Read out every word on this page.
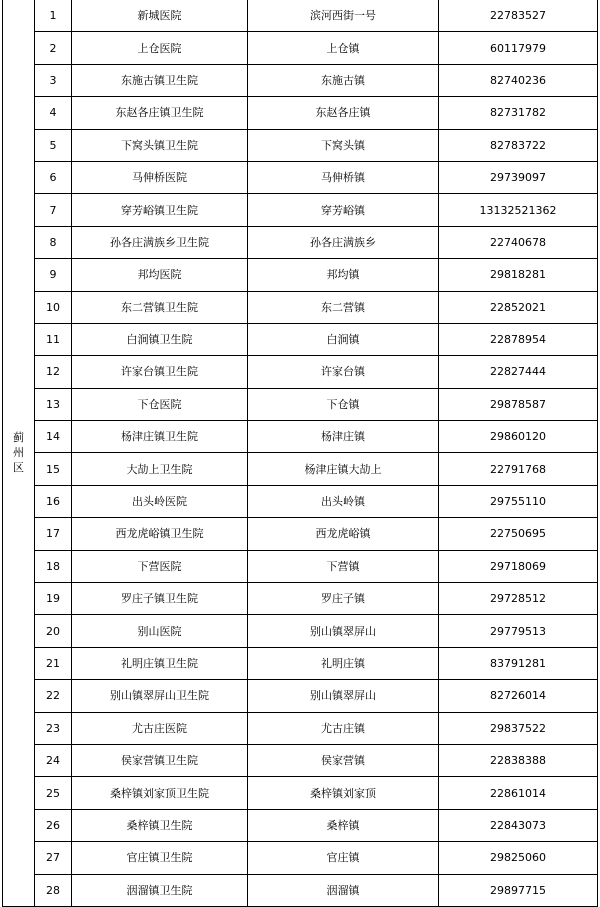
蓟州区	1	新城医院	滨河西街一号	22783527
	2	上仓医院	上仓镇	60117979
	3	东施古镇卫生院	东施古镇	82740236
	4	东赵各庄镇卫生院	东赵各庄镇	82731782
	5	下窝头镇卫生院	下窝头镇	82783722
	6	马伸桥医院	马伸桥镇	29739097
	7	穿芳峪镇卫生院	穿芳峪镇	13132521362
	8	孙各庄满族乡卫生院	孙各庄满族乡	22740678
	9	邦均医院	邦均镇	29818281
	10	东二营镇卫生院	东二营镇	22852021
	11	白涧镇卫生院	白涧镇	22878954
	12	许家台镇卫生院	许家台镇	22827444
	13	下仓医院	下仓镇	29878587
	14	杨津庄镇卫生院	杨津庄镇	29860120
	15	大劼上卫生院	杨津庄镇大劼上	22791768
	16	出头岭医院	出头岭镇	29755110
	17	西龙虎峪镇卫生院	西龙虎峪镇	22750695
	18	下营医院	下营镇	29718069
	19	罗庄子镇卫生院	罗庄子镇	29728512
	20	别山医院	别山镇翠屏山	29779513
	21	礼明庄镇卫生院	礼明庄镇	83791281
	22	别山镇翠屏山卫生院	别山镇翠屏山	82726014
	23	尤古庄医院	尤古庄镇	29837522
	24	侯家营镇卫生院	侯家营镇	22838388
	25	桑梓镇刘家顶卫生院	桑梓镇刘家顶	22861014
	26	桑梓镇卫生院	桑梓镇	22843073
	27	官庄镇卫生院	官庄镇	29825060
	28	洇溜镇卫生院	洇溜镇	29897715
